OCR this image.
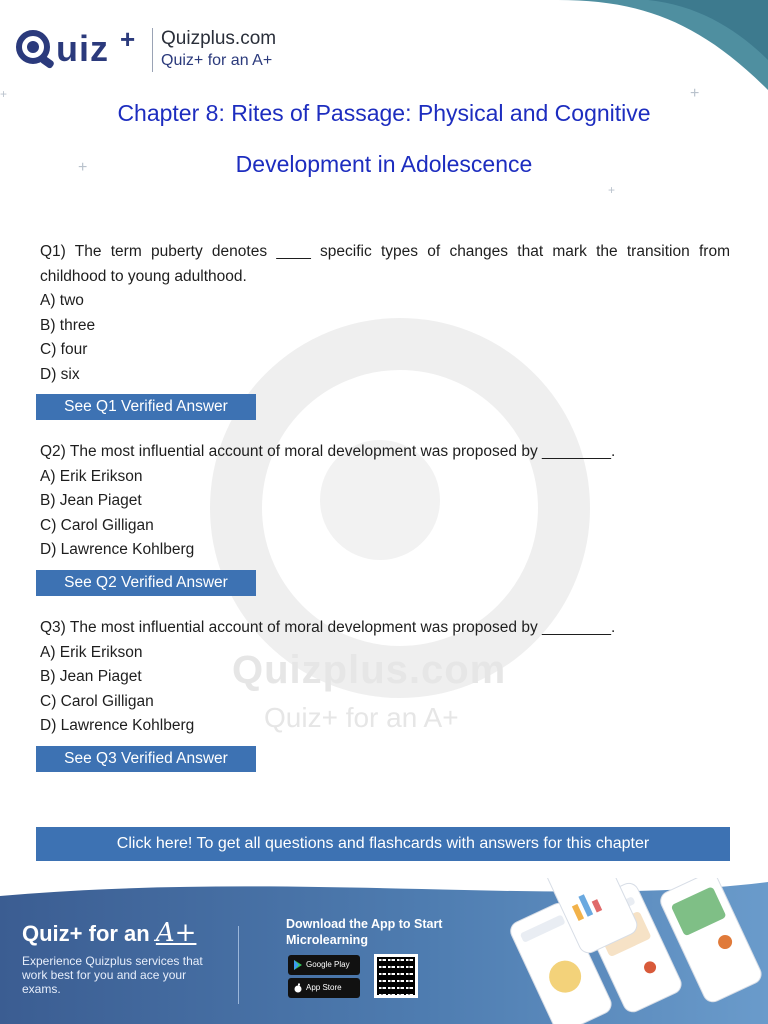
+
+
+
+
uiz + Quizplus.com
Quiz+ for an A+
Chapter 8: Rites of Passage: Physical and Cognitive Development in Adolescence
Quizplus.com
Quiz+ for an A+
Q1) The term puberty denotes ____ specific types of changes that mark the transition from childhood to young adulthood.
A) two
B) three
C) four
D) six
See Q1 Verified Answer
Q2) The most influential account of moral development was proposed by ________.
A) Erik Erikson
B) Jean Piaget
C) Carol Gilligan
D) Lawrence Kohlberg
See Q2 Verified Answer
Q3) The most influential account of moral development was proposed by ________.
A) Erik Erikson
B) Jean Piaget
C) Carol Gilligan
D) Lawrence Kohlberg
See Q3 Verified Answer
Click here! To get all questions and flashcards with answers for this chapter
Quiz+ for an A+
Experience Quizplus services that work best for you and ace your exams.
Download the App to Start Microlearning
Google Play
App Store
